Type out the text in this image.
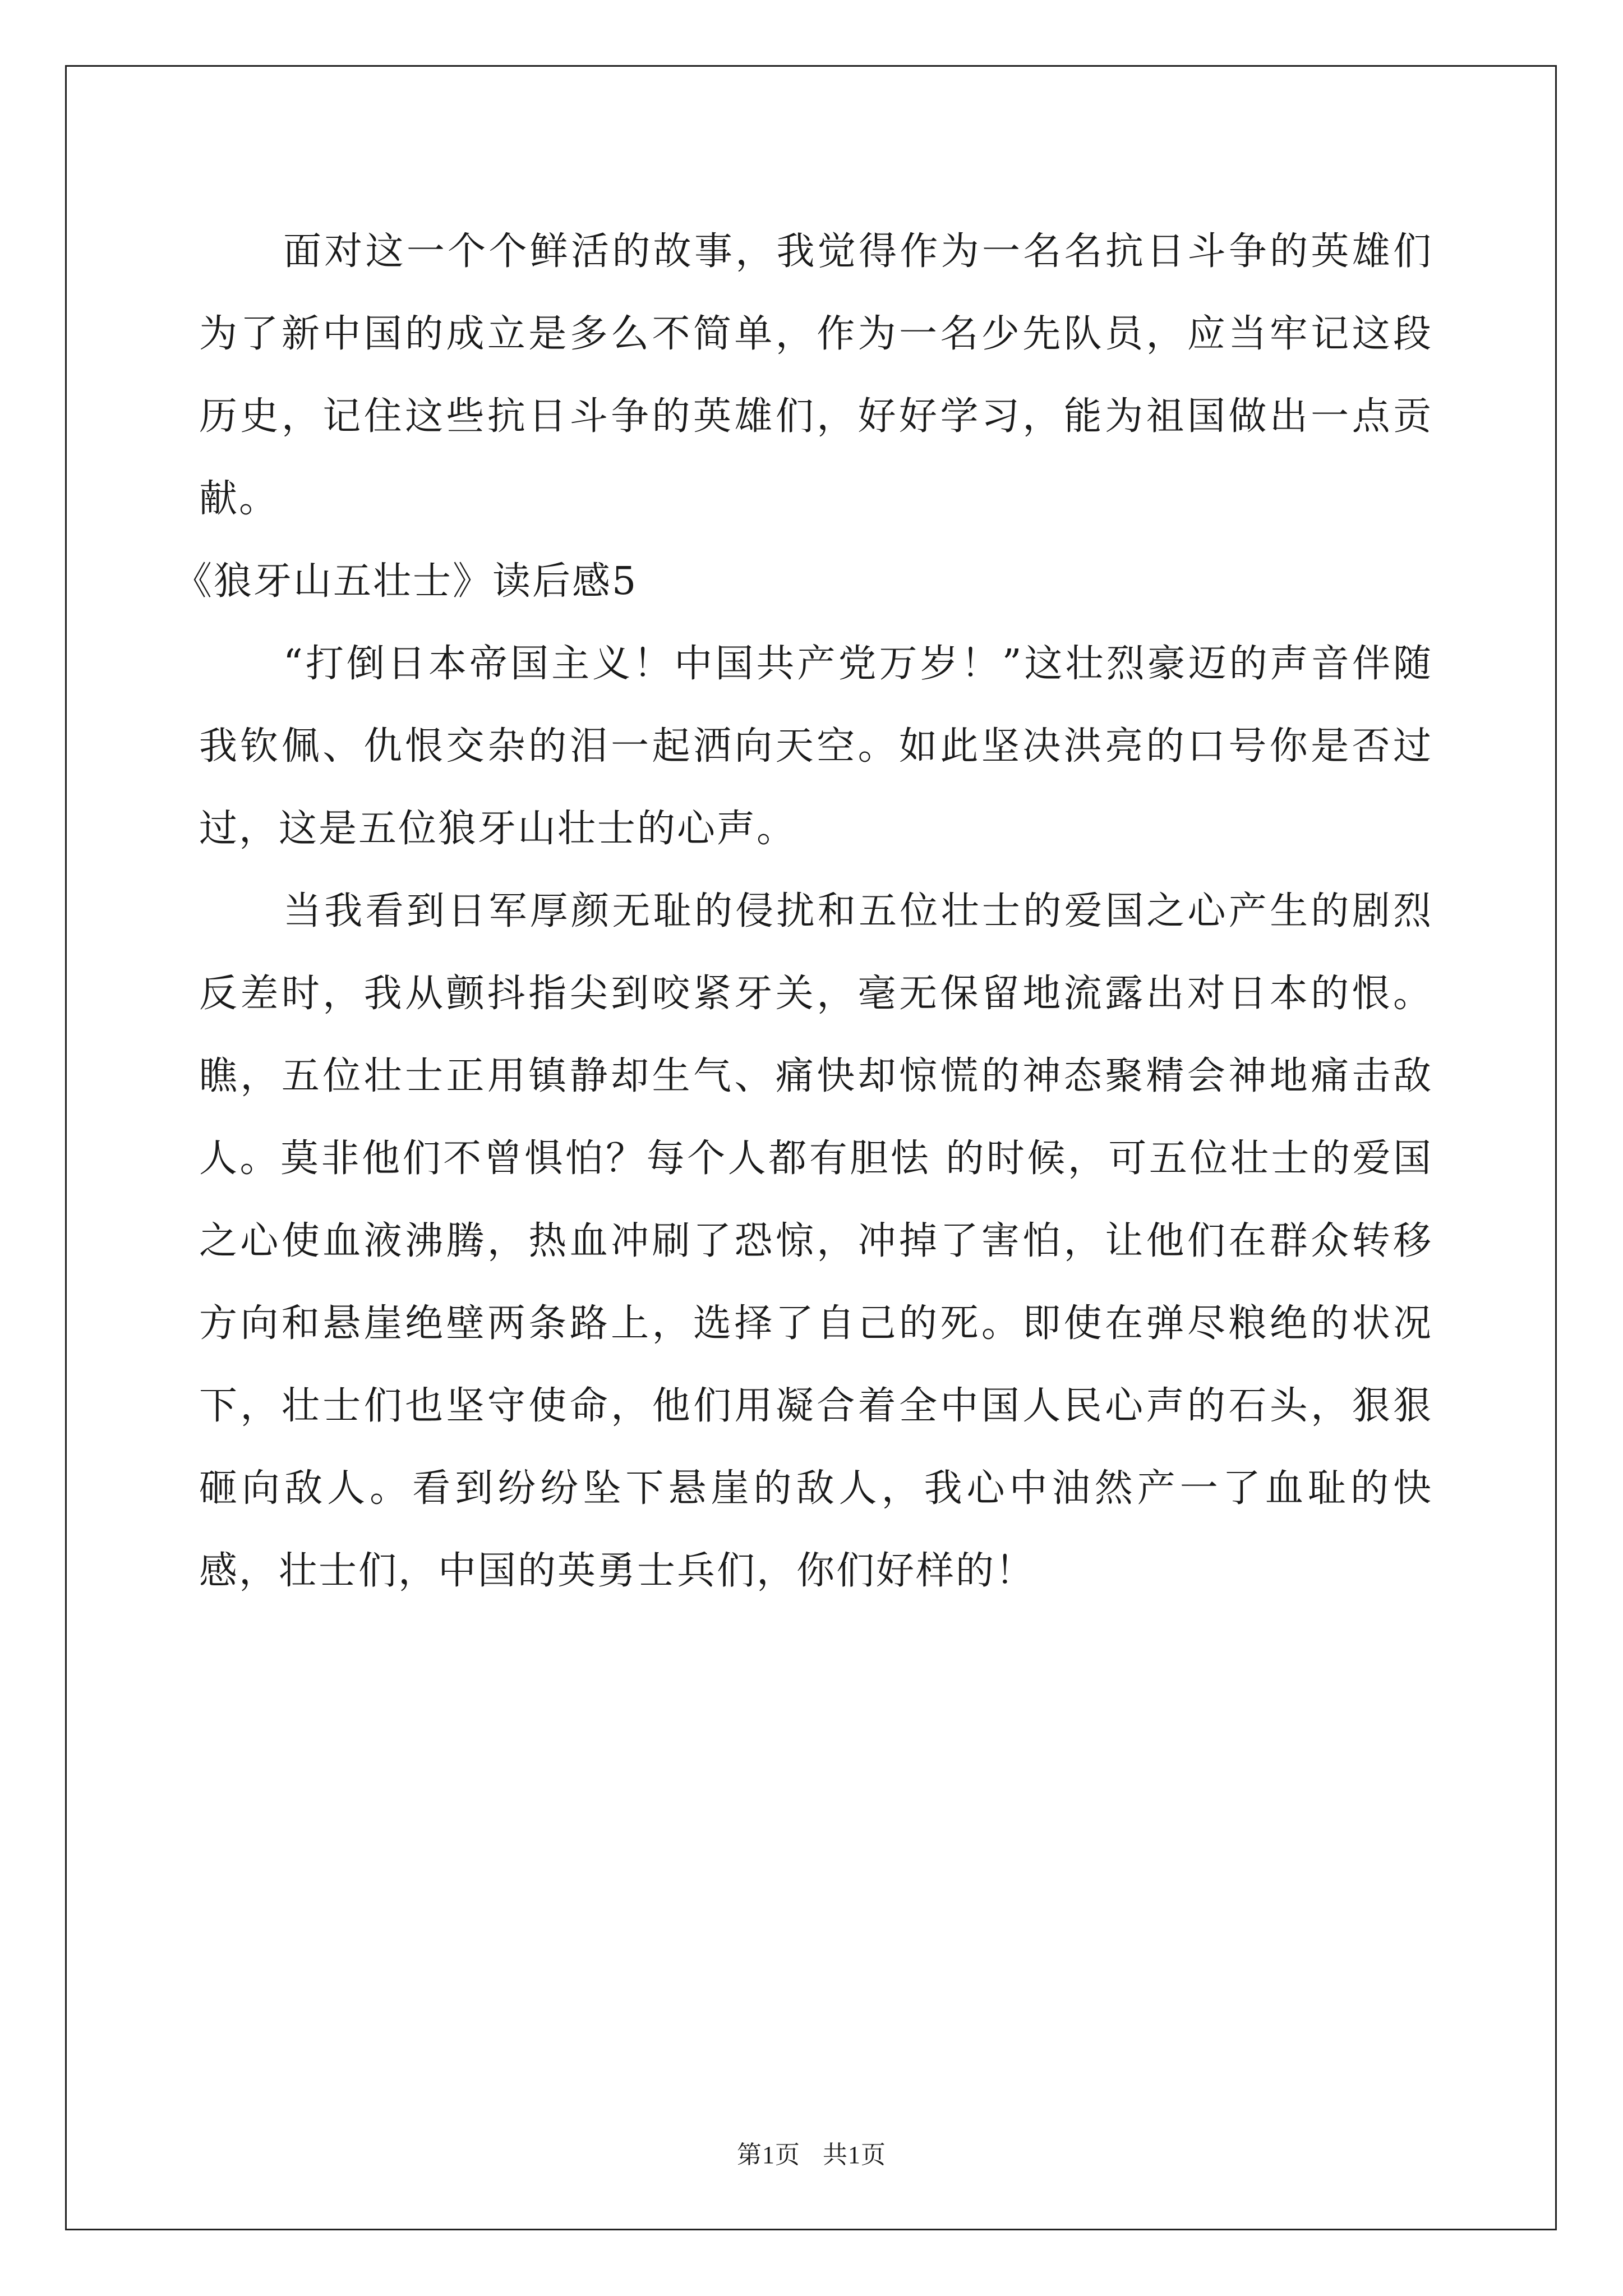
面对这一个个鲜活的故事，我觉得作为一名名抗日斗争的英雄们为了新中国的成立是多么不简单，作为一名少先队员，应当牢记这段历史，记住这些抗日斗争的英雄们，好好学习，能为祖国做出一点贡献。

《狼牙山五壮士》读后感5

“打倒日本帝国主义！中国共产党万岁！”这壮烈豪迈的声音伴随我钦佩、仇恨交杂的泪一起洒向天空。如此坚决洪亮的口号你是否过过，这是五位狼牙山壮士的心声。

当我看到日军厚颜无耻的侵扰和五位壮士的爱国之心产生的剧烈反差时，我从颤抖指尖到咬紧牙关，毫无保留地流露出对日本的恨。瞧，五位壮士正用镇静却生气、痛快却惊慌的神态聚精会神地痛击敌人。莫非他们不曾惧怕？每个人都有胆怯 的时候，可五位壮士的爱国之心使血液沸腾，热血冲刷了恐惊，冲掉了害怕，让他们在群众转移方向和悬崖绝壁两条路上，选择了自己的死。即使在弹尽粮绝的状况下，壮士们也坚守使命，他们用凝合着全中国人民心声的石头，狠狠砸向敌人。看到纷纷坠下悬崖的敌人，我心中油然产一了血耻的快感，壮士们，中国的英勇士兵们，你们好样的！

第1页 共1页
